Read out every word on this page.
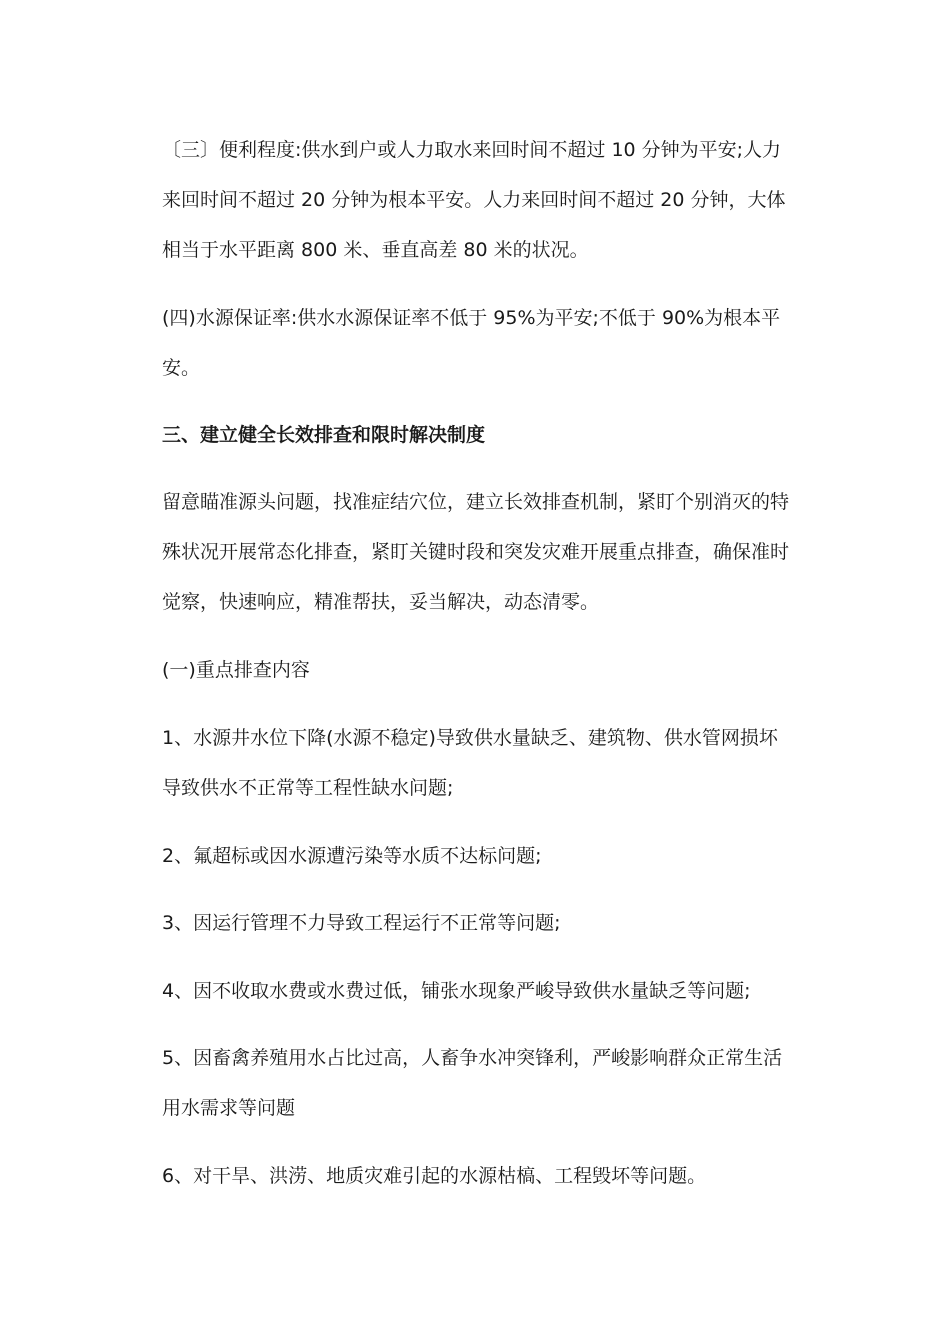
〔三〕便利程度:供水到户或人力取水来回时间不超过 10 分钟为平安;人力来回时间不超过 20 分钟为根本平安。人力来回时间不超过 20 分钟，大体相当于水平距离 800 米、垂直高差 80 米的状况。

(四)水源保证率:供水水源保证率不低于 95%为平安;不低于 90%为根本平安。

三、建立健全长效排查和限时解决制度

留意瞄准源头问题，找准症结穴位，建立长效排查机制，紧盯个别消灭的特殊状况开展常态化排查，紧盯关键时段和突发灾难开展重点排查，确保准时觉察，快速响应，精准帮扶，妥当解决，动态清零。

(一)重点排查内容

1、水源井水位下降(水源不稳定)导致供水量缺乏、建筑物、供水管网损坏导致供水不正常等工程性缺水问题;

2、氟超标或因水源遭污染等水质不达标问题;

3、因运行管理不力导致工程运行不正常等问题;

4、因不收取水费或水费过低，铺张水现象严峻导致供水量缺乏等问题;

5、因畜禽养殖用水占比过高，人畜争水冲突锋利，严峻影响群众正常生活用水需求等问题

6、对干旱、洪涝、地质灾难引起的水源枯槁、工程毁坏等问题。
